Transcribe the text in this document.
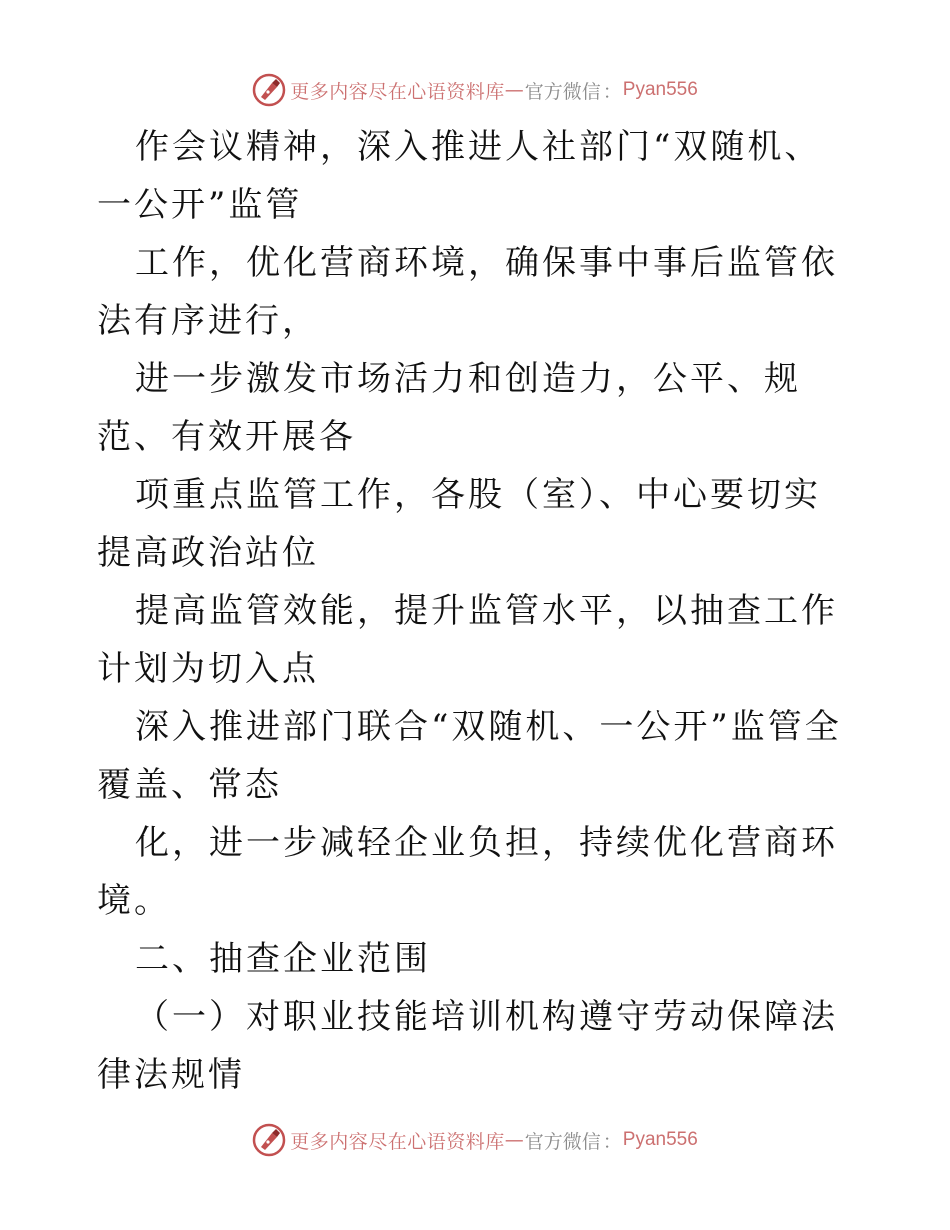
更多内容尽在心语资料库 — 官方微信 ： Pyan556

作会议精神，深入推进人社部门“双随机、一公开”监管

工作，优化营商环境，确保事中事后监管依法有序进行，

进一步激发市场活力和创造力，公平、规范、有效开展各

项重点监管工作，各股（室）、中心要切实提高政治站位

提高监管效能，提升监管水平，以抽查工作计划为切入点

深入推进部门联合“双随机、一公开”监管全覆盖、常态

化，进一步减轻企业负担，持续优化营商环境。

二、抽查企业范围

（一）对职业技能培训机构遵守劳动保障法律法规情

更多内容尽在心语资料库 — 官方微信 ： Pyan556
